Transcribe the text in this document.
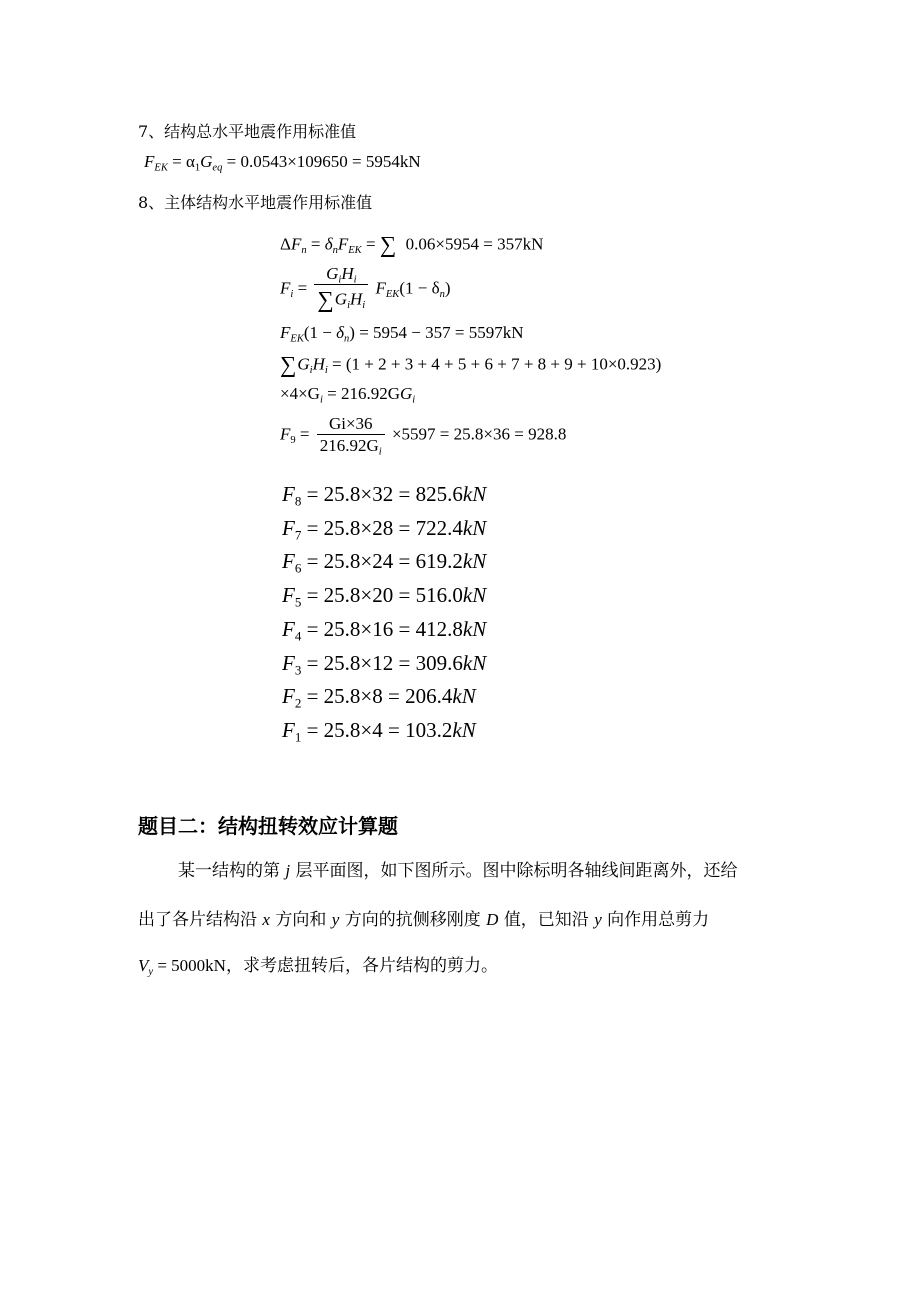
7、结构总水平地震作用标准值
$F_{EK} = \alpha_1G_{eq} = 0.0543\times 109650 = 5954kN$
8、主体结构水平地震作用标准值
$\Delta F_n = \delta_nF_{EK}$ = ∑ 0.06×5954 = 357kN
$F_i = \frac{G_iH_i}{\sum G_iH_i} F_{EK}(1 - \delta_n)$
$F_{EK}(1 - \delta_n) = 5954 - 357 = 5597kN$
$\sum G_iH_i = (1 + 2 + 3 + 4 + 5 + 6 + 7 + 8 + 9 + 10\times 0.923)$
$\times 4\times G_i = 216.92GG_i$
$F_9 = \frac{Gi\times 36}{216.92G_i} \times 5597 = 25.8\times 36 = 928.8$
$F_8 = 25.8\times 32 = 825.6kN$
$F_7 = 25.8\times 28 = 722.4kN$
$F_6 = 25.8\times 24 = 619.2kN$
$F_5 = 25.8\times 20 = 516.0kN$
$F_4 = 25.8\times 16 = 412.8kN$
$F_3 = 25.8\times 12 = 309.6kN$
$F_2 = 25.8\times 8 = 206.4kN$
$F_1 = 25.8\times 4 = 103.2kN$
题目二：结构扭转效应计算题
某一结构的第 j 层平面图，如下图所示。图中除标明各轴线间距离外，还给
出了各片结构沿 x 方向和 y 方向的抗侧移刚度 D 值，已知沿 y 向作用总剪力
$V_y = 5000kN$，求考虑扭转后，各片结构的剪力。
